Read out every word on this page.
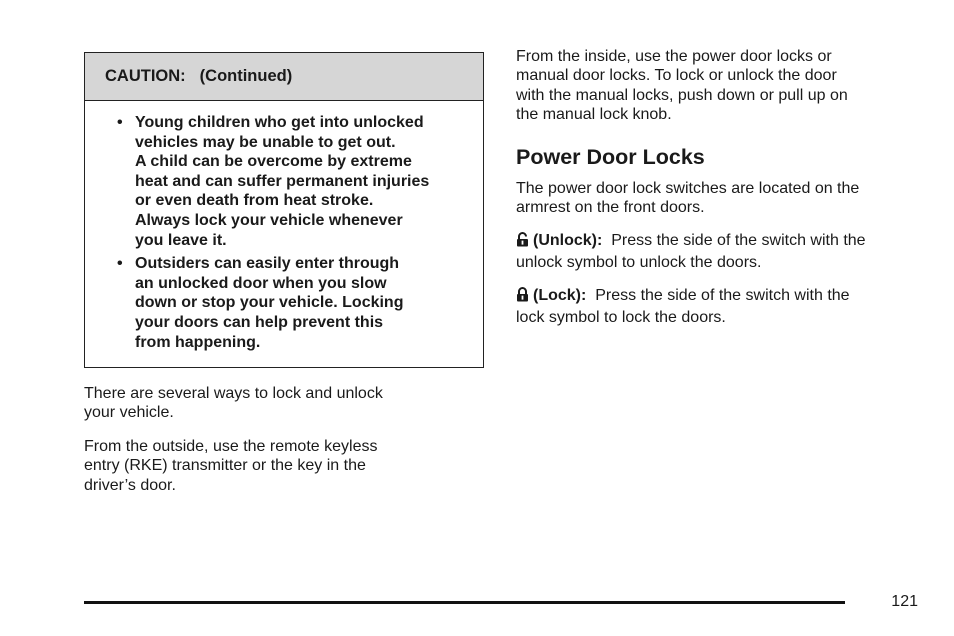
CAUTION: (Continued)
• Young children who get into unlocked
vehicles may be unable to get out.
A child can be overcome by extreme
heat and can suffer permanent injuries
or even death from heat stroke.
Always lock your vehicle whenever
you leave it.
• Outsiders can easily enter through
an unlocked door when you slow
down or stop your vehicle. Locking
your doors can help prevent this
from happening.

There are several ways to lock and unlock
your vehicle.

From the outside, use the remote keyless
entry (RKE) transmitter or the key in the
driver’s door.

From the inside, use the power door locks or
manual door locks. To lock or unlock the door
with the manual locks, push down or pull up on
the manual lock knob.

Power Door Locks

The power door lock switches are located on the
armrest on the front doors.

(Unlock): Press the side of the switch with the
unlock symbol to unlock the doors.

(Lock): Press the side of the switch with the
lock symbol to lock the doors.

121
